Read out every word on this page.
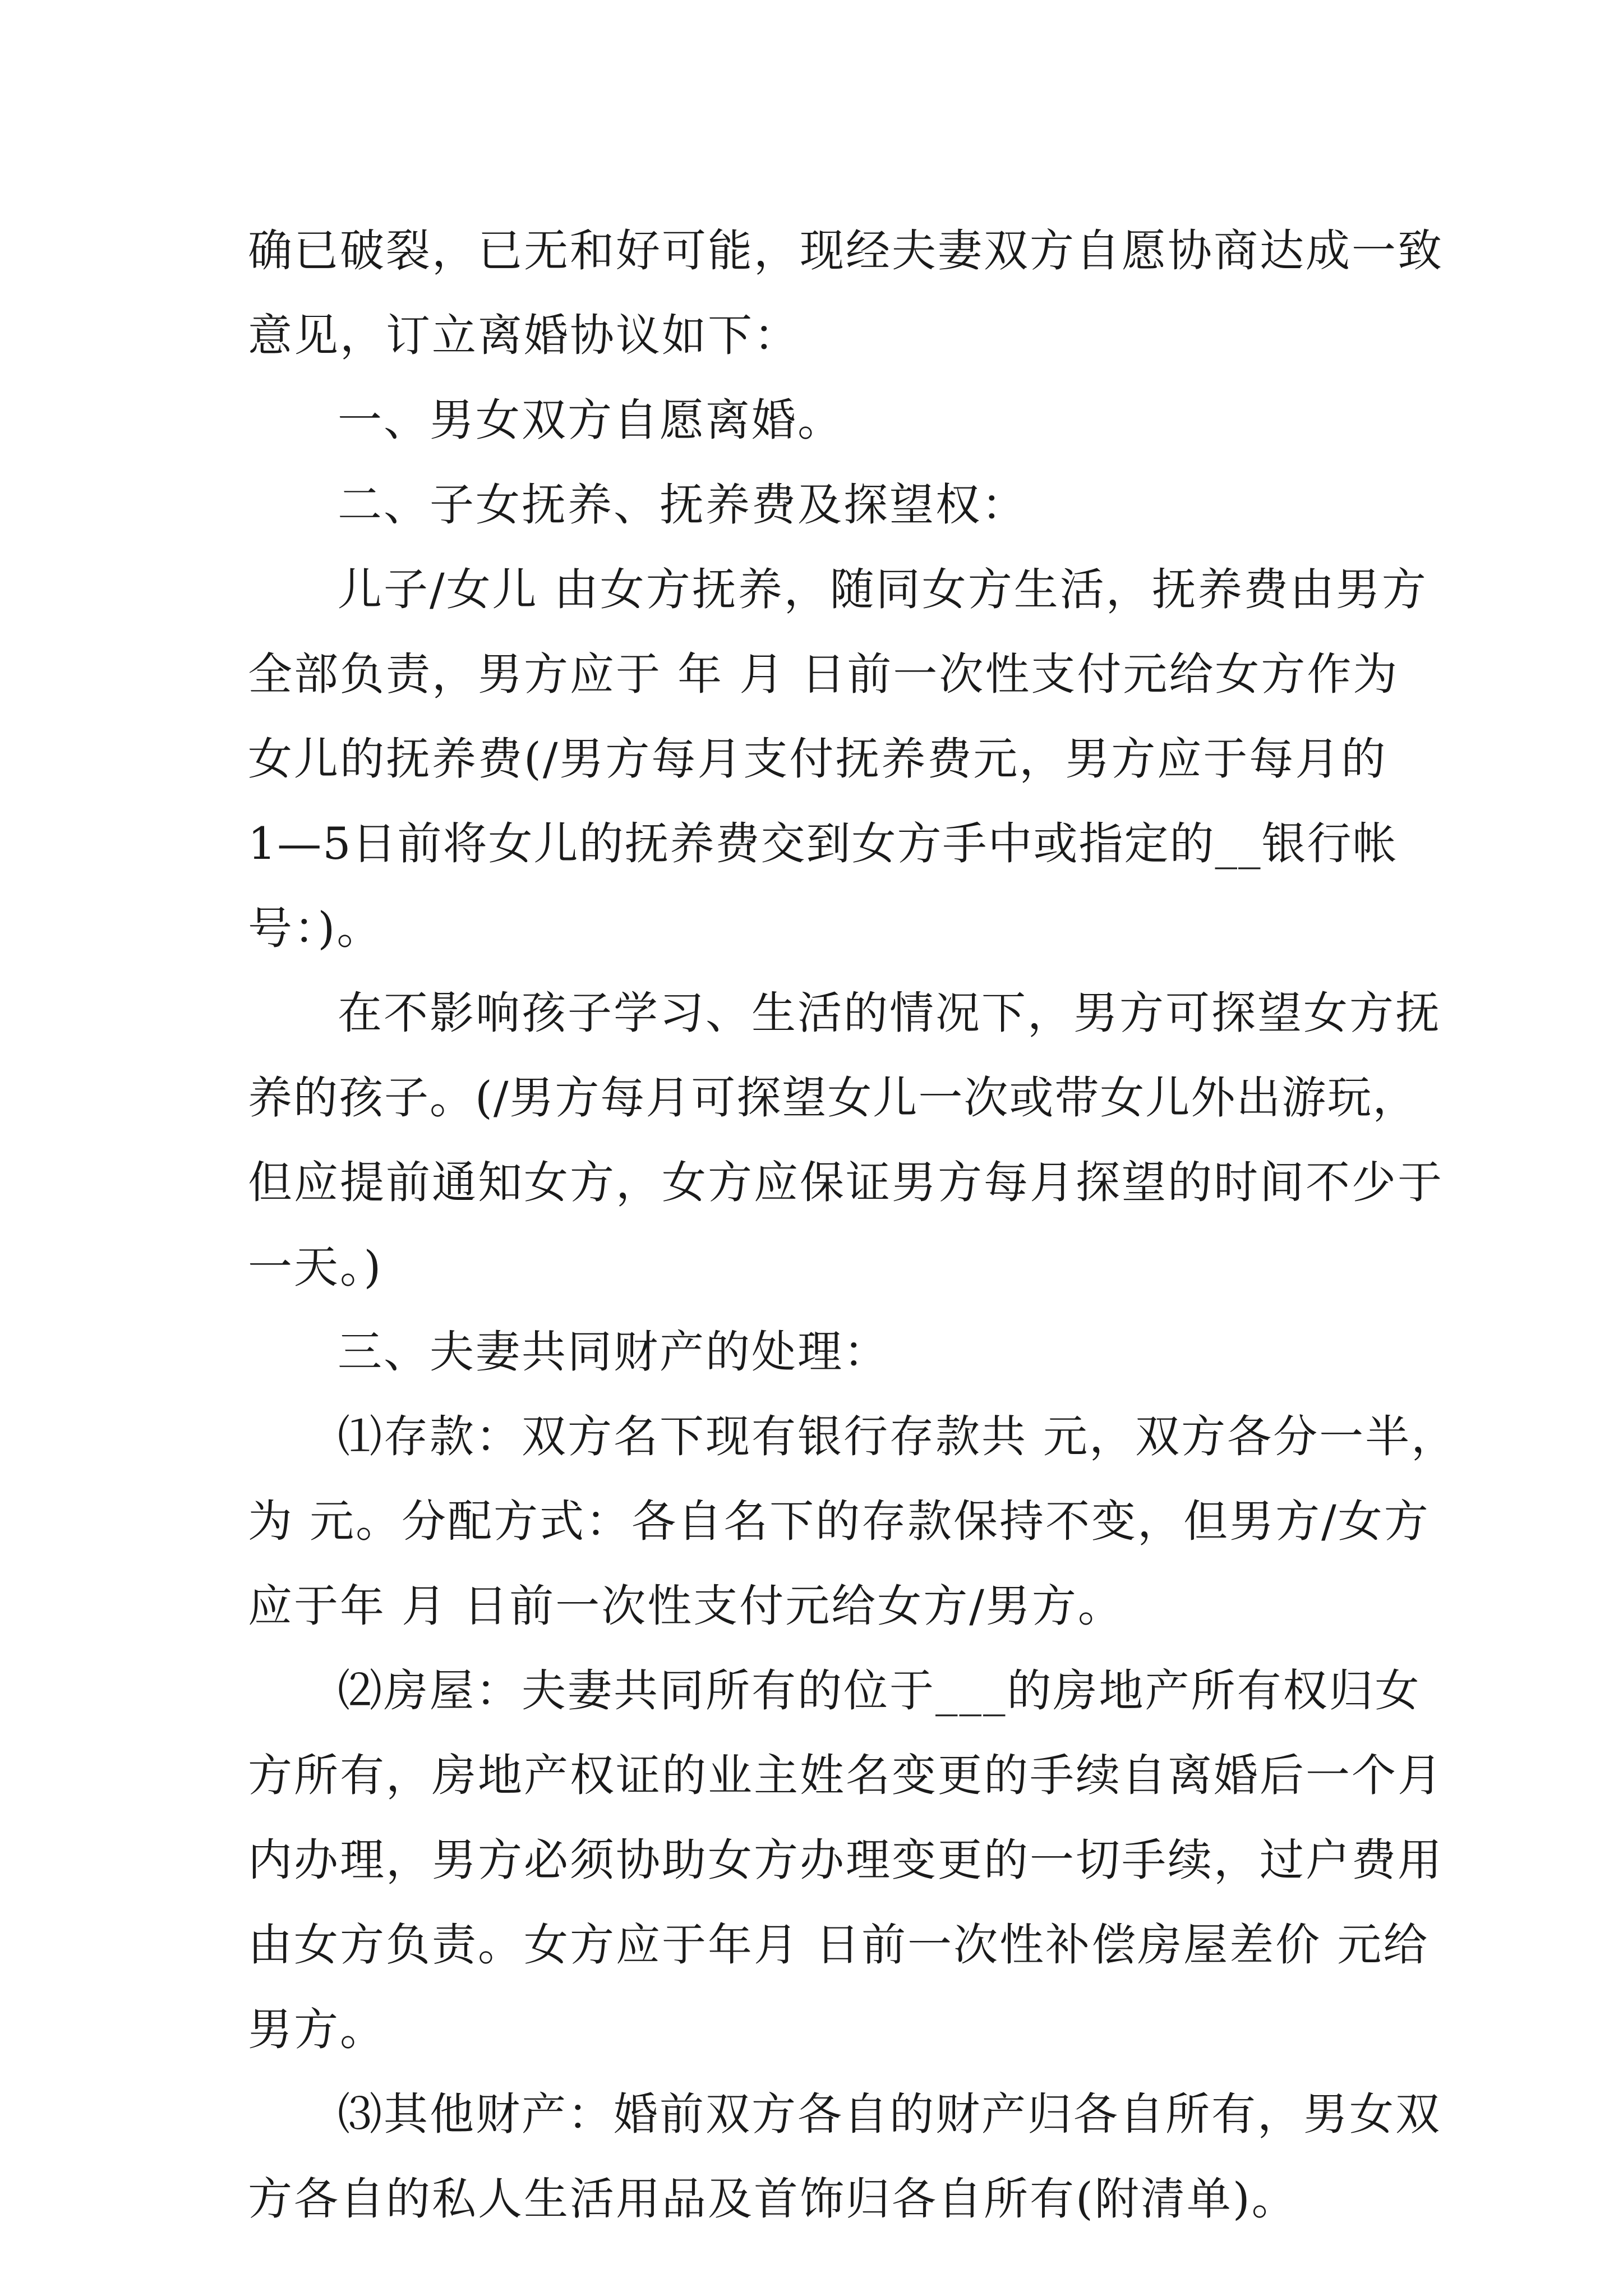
确已破裂，已无和好可能，现经夫妻双方自愿协商达成一致
意见，订立离婚协议如下：
一、男女双方自愿离婚。
二、子女抚养、抚养费及探望权：
儿子/女儿 由女方抚养，随同女方生活，抚养费由男方
全部负责，男方应于 年 月 日前一次性支付元给女方作为
女儿的抚养费(/男方每月支付抚养费元，男方应于每月的
1—5日前将女儿的抚养费交到女方手中或指定的__银行帐
号：)。
在不影响孩子学习、生活的情况下，男方可探望女方抚
养的孩子。(/男方每月可探望女儿一次或带女儿外出游玩，
但应提前通知女方，女方应保证男方每月探望的时间不少于
一天。)
三、夫妻共同财产的处理：
⑴存款：双方名下现有银行存款共 元，双方各分一半，
为 元。分配方式：各自名下的存款保持不变，但男方/女方
应于年 月 日前一次性支付元给女方/男方。
⑵房屋：夫妻共同所有的位于___的房地产所有权归女
方所有，房地产权证的业主姓名变更的手续自离婚后一个月
内办理，男方必须协助女方办理变更的一切手续，过户费用
由女方负责。女方应于年月 日前一次性补偿房屋差价 元给
男方。
⑶其他财产：婚前双方各自的财产归各自所有，男女双
方各自的私人生活用品及首饰归各自所有(附清单)。
